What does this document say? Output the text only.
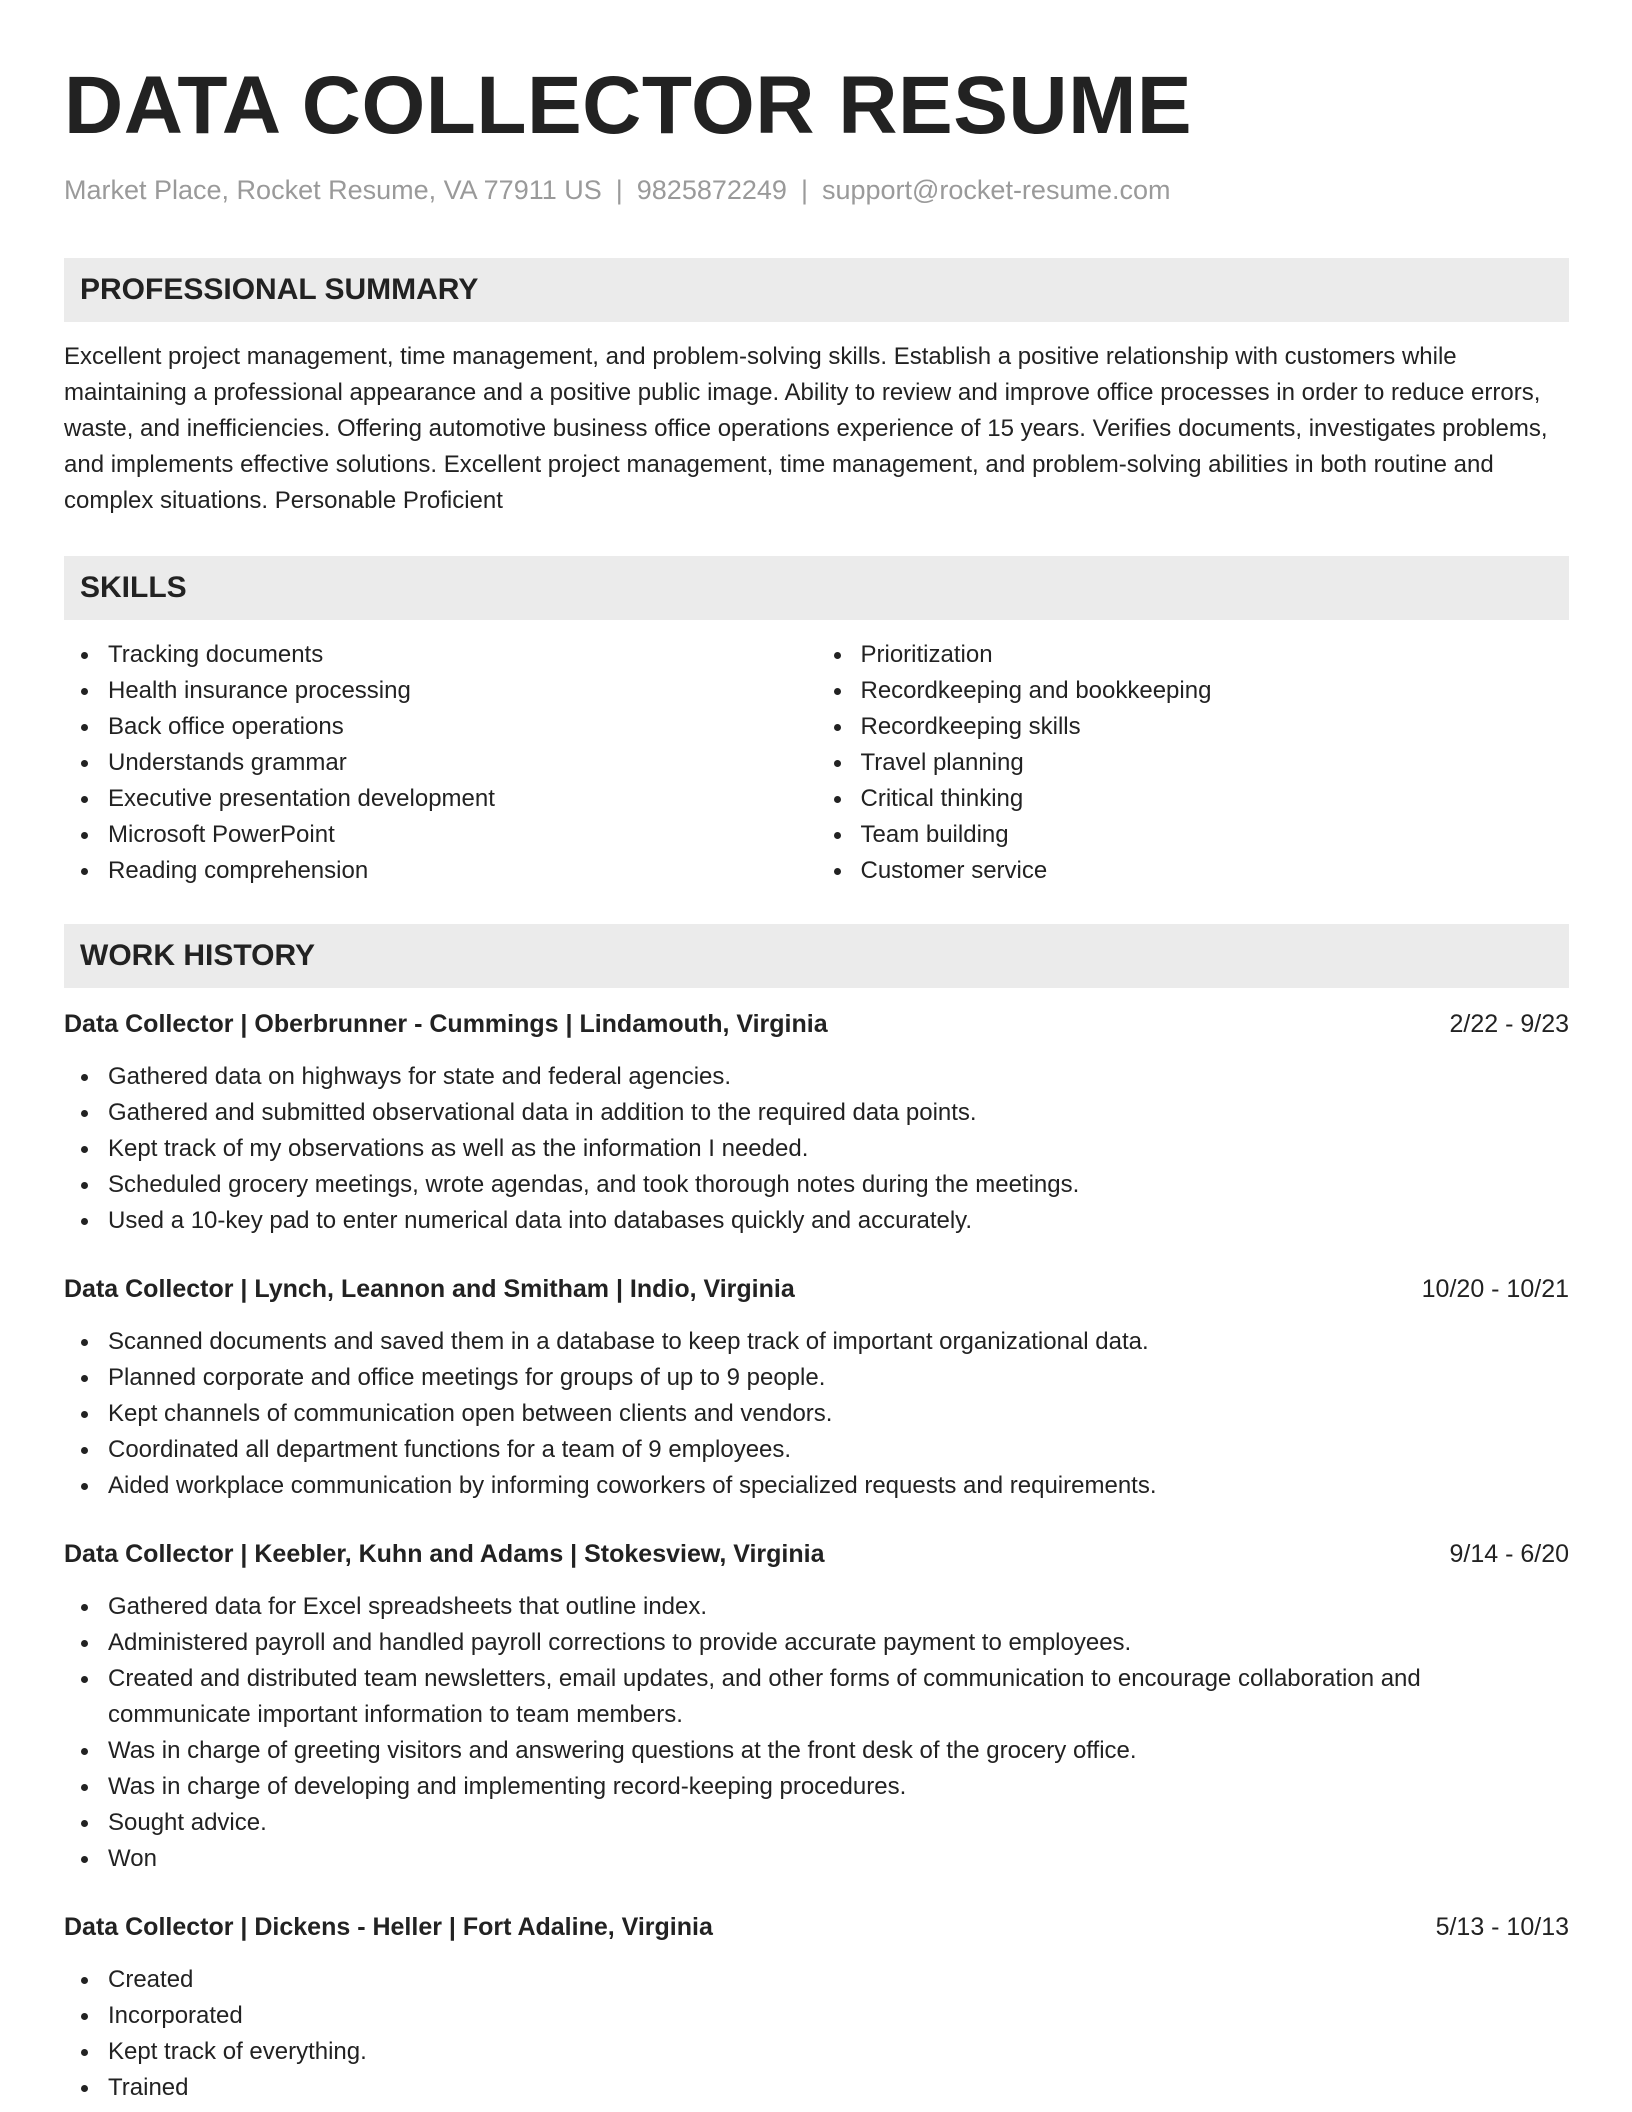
DATA COLLECTOR RESUME
Market Place, Rocket Resume, VA 77911 US | 9825872249 | support@rocket-resume.com
PROFESSIONAL SUMMARY

Excellent project management, time management, and problem-solving skills. Establish a positive relationship with customers while maintaining a professional appearance and a positive public image. Ability to review and improve office processes in order to reduce errors, waste, and inefficiencies. Offering automotive business office operations experience of 15 years. Verifies documents, investigates problems, and implements effective solutions. Excellent project management, time management, and problem-solving abilities in both routine and complex situations. Personable Proficient

SKILLS
Tracking documents
Health insurance processing
Back office operations
Understands grammar
Executive presentation development
Microsoft PowerPoint
Reading comprehension
Prioritization
Recordkeeping and bookkeeping
Recordkeeping skills
Travel planning
Critical thinking
Team building
Customer service
WORK HISTORY
Data Collector | Oberbrunner - Cummings | Lindamouth, Virginia	2/22 - 9/23
Gathered data on highways for state and federal agencies.
Gathered and submitted observational data in addition to the required data points.
Kept track of my observations as well as the information I needed.
Scheduled grocery meetings, wrote agendas, and took thorough notes during the meetings.
Used a 10-key pad to enter numerical data into databases quickly and accurately.
Data Collector | Lynch, Leannon and Smitham | Indio, Virginia	10/20 - 10/21
Scanned documents and saved them in a database to keep track of important organizational data.
Planned corporate and office meetings for groups of up to 9 people.
Kept channels of communication open between clients and vendors.
Coordinated all department functions for a team of 9 employees.
Aided workplace communication by informing coworkers of specialized requests and requirements.
Data Collector | Keebler, Kuhn and Adams | Stokesview, Virginia	9/14 - 6/20
Gathered data for Excel spreadsheets that outline index.
Administered payroll and handled payroll corrections to provide accurate payment to employees.
Created and distributed team newsletters, email updates, and other forms of communication to encourage collaboration and communicate important information to team members.
Was in charge of greeting visitors and answering questions at the front desk of the grocery office.
Was in charge of developing and implementing record-keeping procedures.
Sought advice.
Won
Data Collector | Dickens - Heller | Fort Adaline, Virginia	5/13 - 10/13
Created
Incorporated
Kept track of everything.
Trained
